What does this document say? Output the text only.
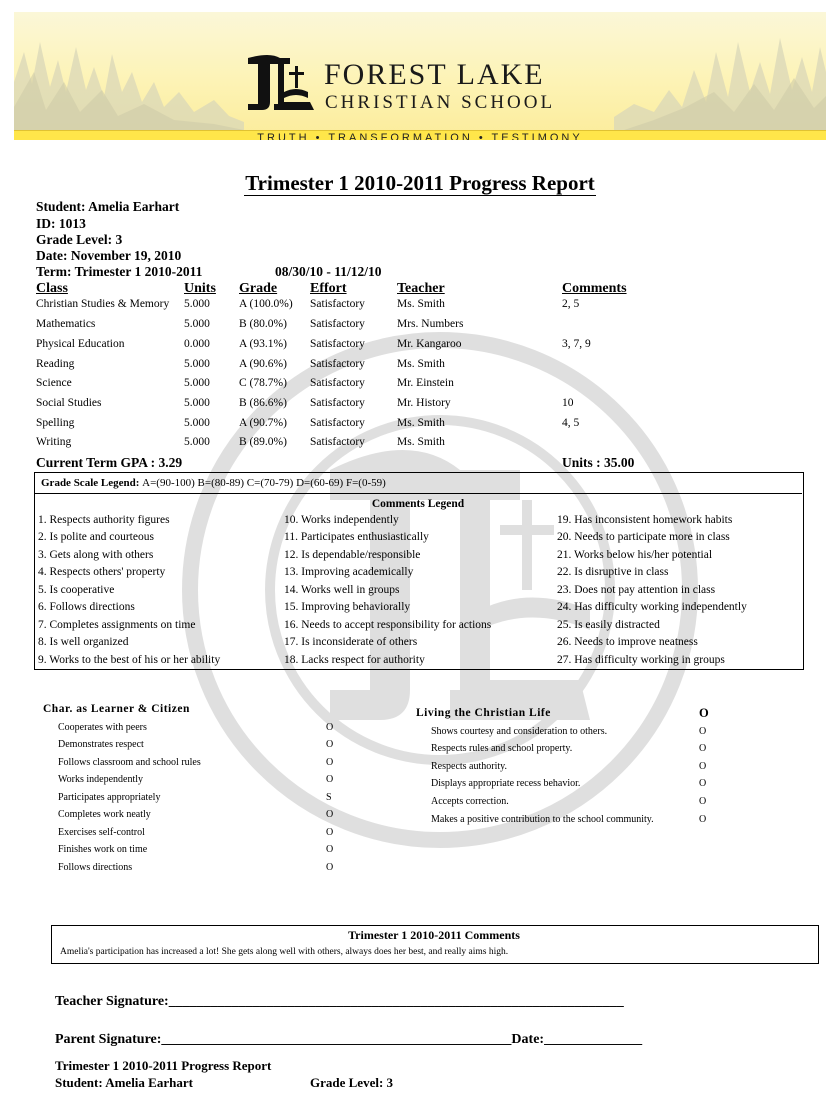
FOREST LAKE
CHRISTIAN SCHOOL
TRUTH • TRANSFORMATION • TESTIMONY
Trimester 1 2010-2011 Progress Report
Student: Amelia Earhart
ID: 1013
Grade Level: 3
Date: November 19, 2010
Term: Trimester 1 2010-2011	08/30/10 - 11/12/10
Class	Units Grade Effort	Teacher	Comments
Christian Studies & Memory 5.000	A (100.0%) Satisfactory	Ms. Smith	2, 5
Mathematics	5.000	B (80.0%) Satisfactory	Mrs. Numbers
Physical Education	0.000	A (93.1%) Satisfactory	Mr. Kangaroo	3, 7, 9
Reading	5.000	A (90.6%) Satisfactory	Ms. Smith
Science	5.000	C (78.7%) Satisfactory	Mr. Einstein
Social Studies	5.000	B (86.6%) Satisfactory	Mr. History	10
Spelling	5.000	A (90.7%) Satisfactory	Ms. Smith	4, 5
Writing	5.000	B (89.0%) Satisfactory	Ms. Smith
Current Term GPA : 3.29	Units : 35.00
Grade Scale Legend: A=(90-100) B=(80-89) C=(70-79) D=(60-69) F=(0-59)
Comments Legend
1. Respects authority figures
2. Is polite and courteous
3. Gets along with others
4. Respects others' property
5. Is cooperative
6. Follows directions
7. Completes assignments on time
8. Is well organized
9. Works to the best of his or her ability
10. Works independently
11. Participates enthusiastically
12. Is dependable/responsible
13. Improving academically
14. Works well in groups
15. Improving behaviorally
16. Needs to accept responsibility for actions
17. Is inconsiderate of others
18. Lacks respect for authority
19. Has inconsistent homework habits
20. Needs to participate more in class
21. Works below his/her potential
22. Is disruptive in class
23. Does not pay attention in class
24. Has difficulty working independently
25. Is easily distracted
26. Needs to improve neatness
27. Has difficulty working in groups
Char. as Learner & Citizen
Cooperates with peers	O
Demonstrates respect	O
Follows classroom and school rules	O
Works independently	O
Participates appropriately	S
Completes work neatly	O
Exercises self-control	O
Finishes work on time	O
Follows directions	O
Living the Christian Life	O
Shows courtesy and consideration to others.	O
Respects rules and school property.	O
Respects authority.	O
Displays appropriate recess behavior.	O
Accepts correction.	O
Makes a positive contribution to the school community.	O
Trimester 1 2010-2011 Comments
Amelia's participation has increased a lot! She gets along well with others, always does her best, and really aims high.
Teacher Signature:_________________________________________________________________
Parent Signature:__________________________________________________Date:______________
Trimester 1 2010-2011 Progress Report
Student: Amelia Earhart	Grade Level: 3
